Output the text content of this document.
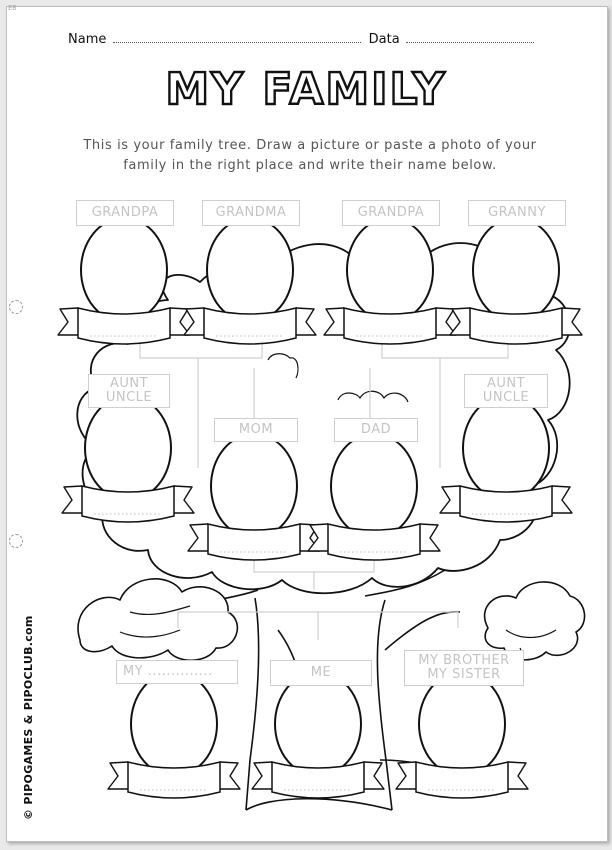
EB
Name	Data
MY FAMILY
This is your family tree. Draw a picture or paste a photo of your family in the right place and write their name below.
© PIPOGAMES & PIPOCLUB.com
GRANDPA	GRANDMA	GRANDPA	GRANNY
AUNT
UNCLE
AUNT
UNCLE
MOM	DAD
MY ..............	ME
MY BROTHER
MY SISTER
